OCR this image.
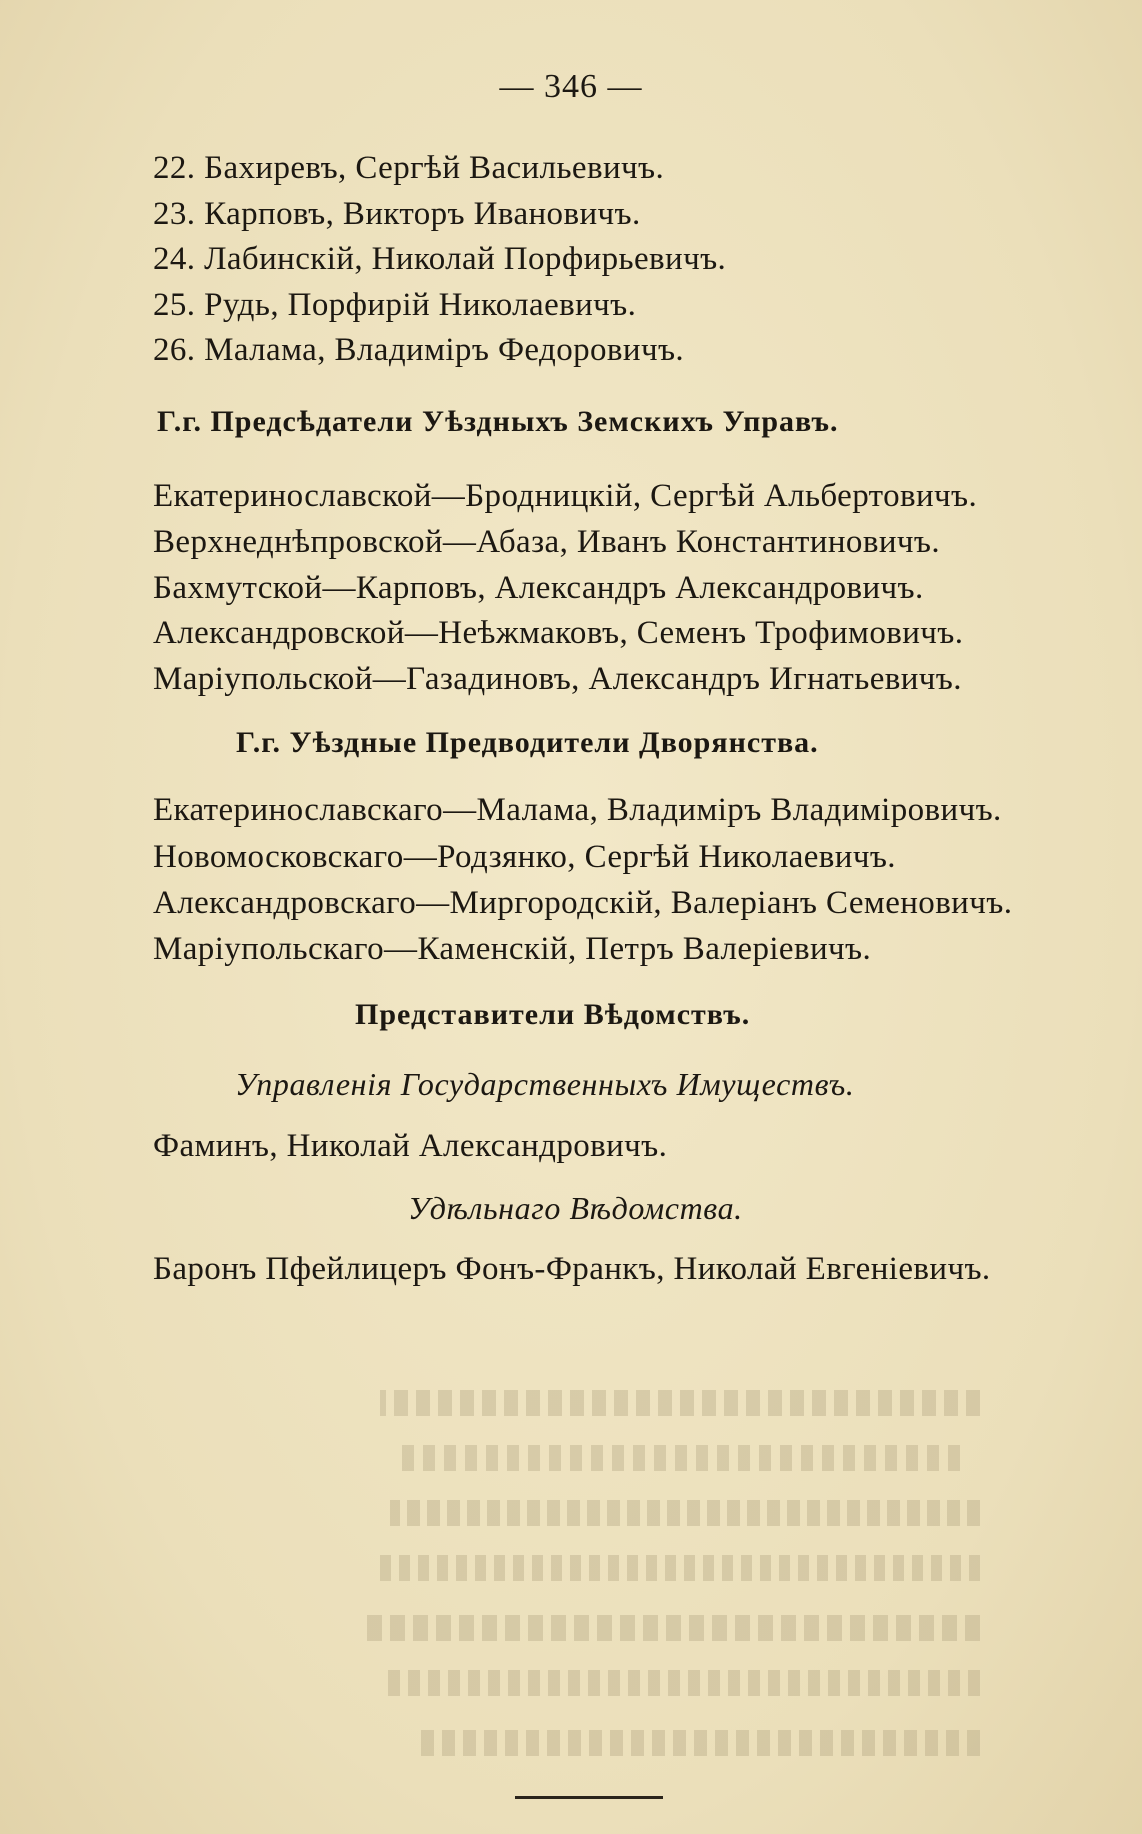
— 346 —
22. Бахиревъ, Сергѣй Васильевичъ.
23. Карповъ, Викторъ Ивановичъ.
24. Лабинскій, Николай Порфирьевичъ.
25. Рудь, Порфирій Николаевичъ.
26. Малама, Владиміръ Федоровичъ.
Г.г. Предсѣдатели Уѣздныхъ Земскихъ Управъ.
Екатеринославской—Бродницкій, Сергѣй Альбертовичъ.
Верхнеднѣпровской—Абаза, Иванъ Константиновичъ.
Бахмутской—Карповъ, Александръ Александровичъ.
Александровской—Неѣжмаковъ, Семенъ Трофимовичъ.
Маріупольской—Газадиновъ, Александръ Игнатьевичъ.
Г.г. Уѣздные Предводители Дворянства.
Екатеринославскаго—Малама, Владиміръ Владиміровичъ.
Новомосковскаго—Родзянко, Сергѣй Николаевичъ.
Александровскаго—Миргородскій, Валеріанъ Семеновичъ.
Маріупольскаго—Каменскій, Петръ Валеріевичъ.
Представители Вѣдомствъ.
Управленія Государственныхъ Имуществъ.
Фаминъ, Николай Александровичъ.
Удѣльнаго Вѣдомства.
Баронъ Пфейлицеръ Фонъ-Франкъ, Николай Евгеніевичъ.
